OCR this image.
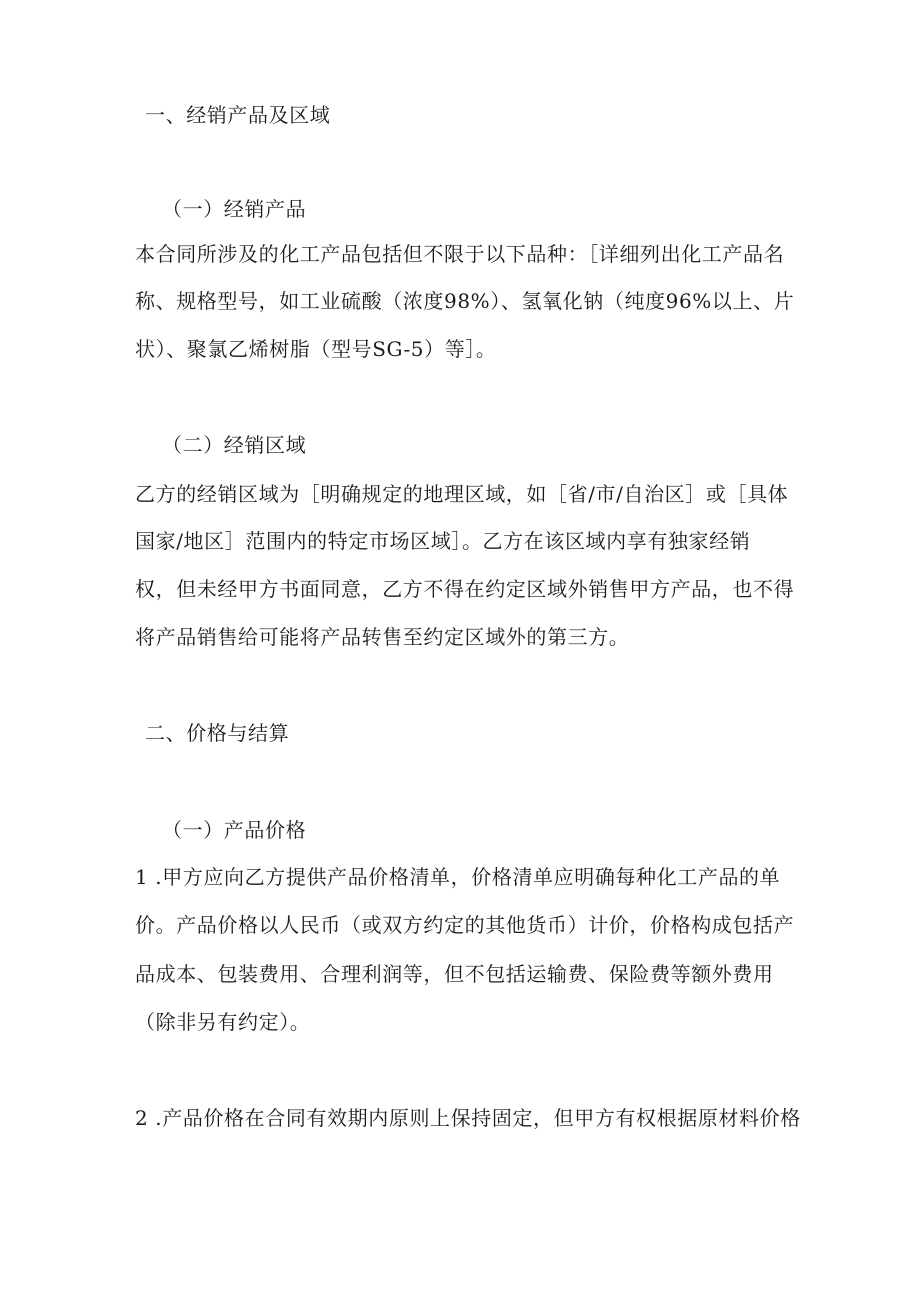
一、经销产品及区域
（一）经销产品
本合同所涉及的化工产品包括但不限于以下品种：［详细列出化工产品名
称、规格型号，如工业硫酸（浓度98%）、氢氧化钠（纯度96%以上、片
状）、聚氯乙烯树脂（型号SG-5）等］。
（二）经销区域
乙方的经销区域为［明确规定的地理区域，如［省/市/自治区］或［具体
国家/地区］范围内的特定市场区域］。乙方在该区域内享有独家经销
权，但未经甲方书面同意，乙方不得在约定区域外销售甲方产品，也不得
将产品销售给可能将产品转售至约定区域外的第三方。
二、价格与结算
（一）产品价格
1 .甲方应向乙方提供产品价格清单，价格清单应明确每种化工产品的单
价。产品价格以人民币（或双方约定的其他货币）计价，价格构成包括产
品成本、包装费用、合理利润等，但不包括运输费、保险费等额外费用
（除非另有约定）。
2 .产品价格在合同有效期内原则上保持固定，但甲方有权根据原材料价格
